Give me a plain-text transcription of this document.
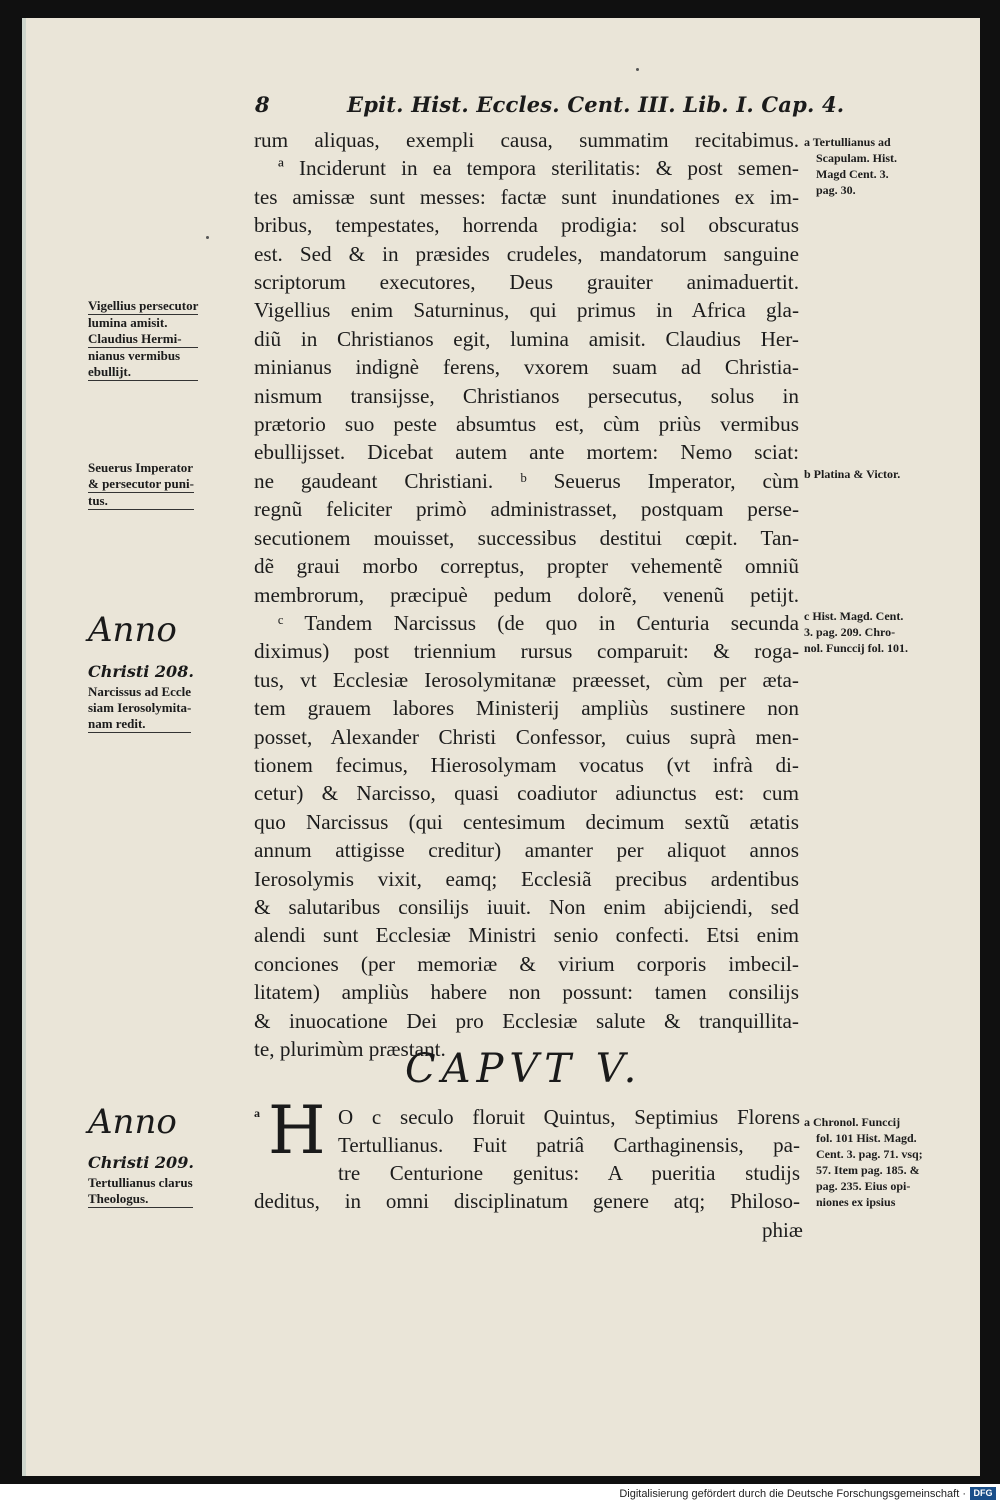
8	Epit. Hist. Eccles. Cent. III. Lib. I. Cap. 4.
rum aliquas, exempli causa, summatim recitabimus.
ª Inciderunt in ea tempora sterilitatis: & post semen-
tes amissæ sunt messes: factæ sunt inundationes ex im-
bribus, tempestates, horrenda prodigia: sol obscuratus
est. Sed & in præsides crudeles, mandatorum sanguine
scriptorum executores, Deus grauiter animaduertit.
Vigellius enim Saturninus, qui primus in Africa gla-
diũ in Christianos egit, lumina amisit. Claudius Her-
minianus indignè ferens, vxorem suam ad Christia-
nismum transijsse, Christianos persecutus, solus in
prætorio suo peste absumtus est, cùm priùs vermibus
ebullijsset. Dicebat autem ante mortem: Nemo sciat:
ne gaudeant Christiani. ᵇ Seuerus Imperator, cùm
regnũ feliciter primò administrasset, postquam perse-
secutionem mouisset, successibus destitui cœpit. Tan-
dẽ graui morbo correptus, propter vehementẽ omniũ
membrorum, præcipuè pedum dolorẽ, venenũ petijt.
ᶜ Tandem Narcissus (de quo in Centuria secunda
diximus) post triennium rursus comparuit: & roga-
tus, vt Ecclesiæ Ierosolymitanæ præesset, cùm per ætа-
tem grauem labores Ministerij ampliùs sustinere non
posset, Alexander Christi Confessor, cuius suprà men-
tionem fecimus, Hierosolymam vocatus (vt infrà di-
cetur) & Narcisso, quasi coadiutor adiunctus est: cum
quo Narcissus (qui centesimum decimum sextũ ætatis
annum attigisse creditur) amanter per aliquot annos
Ierosolymis vixit, eamq; Ecclesiã precibus ardentibus
& salutaribus consilijs iuuit. Non enim abijciendi, sed
alendi sunt Ecclesiæ Ministri senio confecti. Etsi enim
conciones (per memoriæ & virium corporis imbecil-
litatem) ampliùs habere non possunt: tamen consilijs
& inuocatione Dei pro Ecclesiæ salute & tranquillita-
te, plurimùm præstant.
Vigellius persecutor
lumina amisit.
Claudius Hermi-
nianus vermibus
ebullijt.
Seuerus Imperator
& persecutor puni-
tus.
Anno
Christi 208.
Narcissus ad Eccle
siam Ierosolymita-
nam redit.
Anno
Christi 209.
Tertullianus clarus
Theologus.
a Tertullianus ad
Scapulam. Hist.
Magd Cent. 3.
pag. 30.
b Platina & Victor.
c Hist. Magd. Cent.
3. pag. 209. Chro-
nol. Funccij fol. 101.
a Chronol. Funccij
fol. 101 Hist. Magd.
Cent. 3. pag. 71. vsq;
57. Item pag. 185. &
pag. 235. Eius opi-
niones ex ipsius
CAPVT V.
a H O c seculo floruit Quintus, Septimius Florens
Tertullianus. Fuit patriâ Carthaginensis, pa-
tre Centurione genitus: A pueritia studijs
deditus, in omni disciplinatum genere atq; Philoso-
phiæ
Digitalisierung gefördert durch die Deutsche Forschungsgemeinschaft · DFG
